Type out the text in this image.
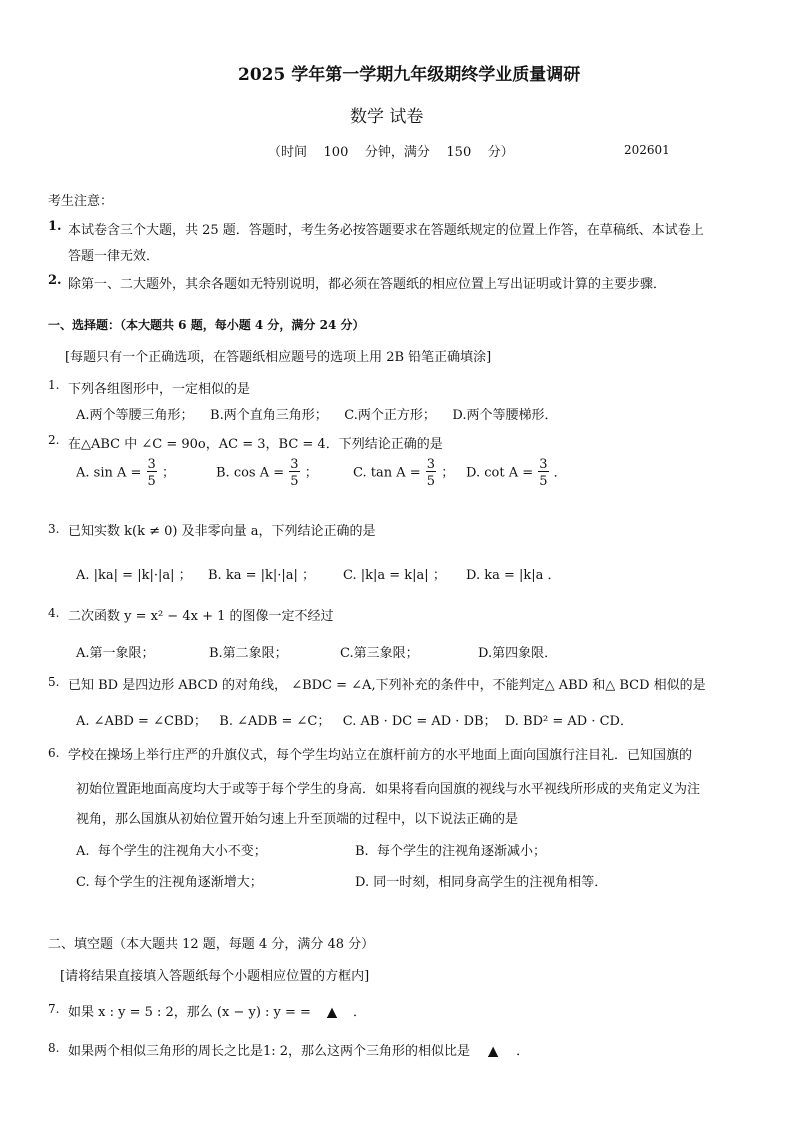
2025 学年第一学期九年级期终学业质量调研
数学 试卷
（时间    100    分钟，满分    150    分）	202601
考生注意：
1. 本试卷含三个大题，共 25 题．答题时，考生务必按答题要求在答题纸规定的位置上作答，在草稿纸、本试卷上
答题一律无效．
2. 除第一、二大题外，其余各题如无特别说明，都必须在答题纸的相应位置上写出证明或计算的主要步骤．
一、选择题：（本大题共 6 题，每小题 4 分，满分 24 分）
[每题只有一个正确选项，在答题纸相应题号的选项上用 2B 铅笔正确填涂]
1. 下列各组图形中，一定相似的是
A.两个等腰三角形；    B.两个直角三角形；    C.两个正方形；    D.两个等腰梯形．
2. 在△ABC 中 ∠C = 90o，AC = 3，BC = 4．下列结论正确的是
A. $\sin A = \frac{3}{5}$ ；	B. $\cos A = \frac{3}{5}$ ；	C. $\tan A = \frac{3}{5}$ ； D. $\cot A = \frac{3}{5}$ ．
3. 已知实数 k(k ≠ 0) 及非零向量 a，下列结论正确的是
A. |ka| = |k|·|a| ； B. ka = |k|·|a| ； C. |k|a = k|a| ； D. ka = |k|a ．
4. 二次函数 y = x² − 4x + 1 的图像一定不经过
A.第一象限；	B.第二象限；	C.第三象限；	D.第四象限．
5. 已知 BD 是四边形 ABCD 的对角线， ∠BDC = ∠A,下列补充的条件中，不能判定△ ABD 和△ BCD 相似的是
A. ∠ABD = ∠CBD；   B. ∠ADB = ∠C；   C. AB · DC = AD · DB；  D. BD² = AD · CD．
6. 学校在操场上举行庄严的升旗仪式，每个学生均站立在旗杆前方的水平地面上面向国旗行注目礼．已知国旗的
初始位置距地面高度均大于或等于每个学生的身高．如果将看向国旗的视线与水平视线所形成的夹角定义为注
视角，那么国旗从初始位置开始匀速上升至顶端的过程中，以下说法正确的是
A.  每个学生的注视角大小不变；	B.  每个学生的注视角逐渐减小；
C. 每个学生的注视角逐渐增大；	D. 同一时刻，相同身高学生的注视角相等．
二、填空题（本大题共 12 题，每题 4 分，满分 48 分）
[请将结果直接填入答题纸每个小题相应位置的方框内]
7. 如果 x : y = 5 : 2，那么 (x − y) : y = = ▲ ．
8. 如果两个相似三角形的周长之比是1: 2，那么这两个三角形的相似比是 ▲ ．
